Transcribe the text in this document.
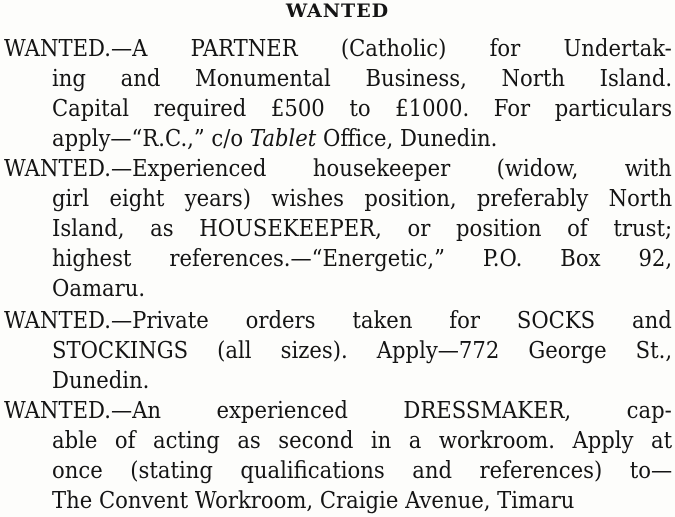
WANTED
WANTED.—A PARTNER (Catholic) for Undertak-
ing and Monumental Business, North Island.
Capital required £500 to £1000. For particulars
apply—“R.C.,” c/o Tablet Office, Dunedin.
WANTED.—Experienced housekeeper (widow, with
girl eight years) wishes position, preferably North
Island, as HOUSEKEEPER, or position of trust;
highest references.—“Energetic,” P.O. Box 92,
Oamaru.
WANTED.—Private orders taken for SOCKS and
STOCKINGS (all sizes). Apply—772 George St.,
Dunedin.
WANTED.—An experienced DRESSMAKER, cap-
able of acting as second in a workroom. Apply at
once (stating qualifications and references) to—
The Convent Workroom, Craigie Avenue, Timaru
